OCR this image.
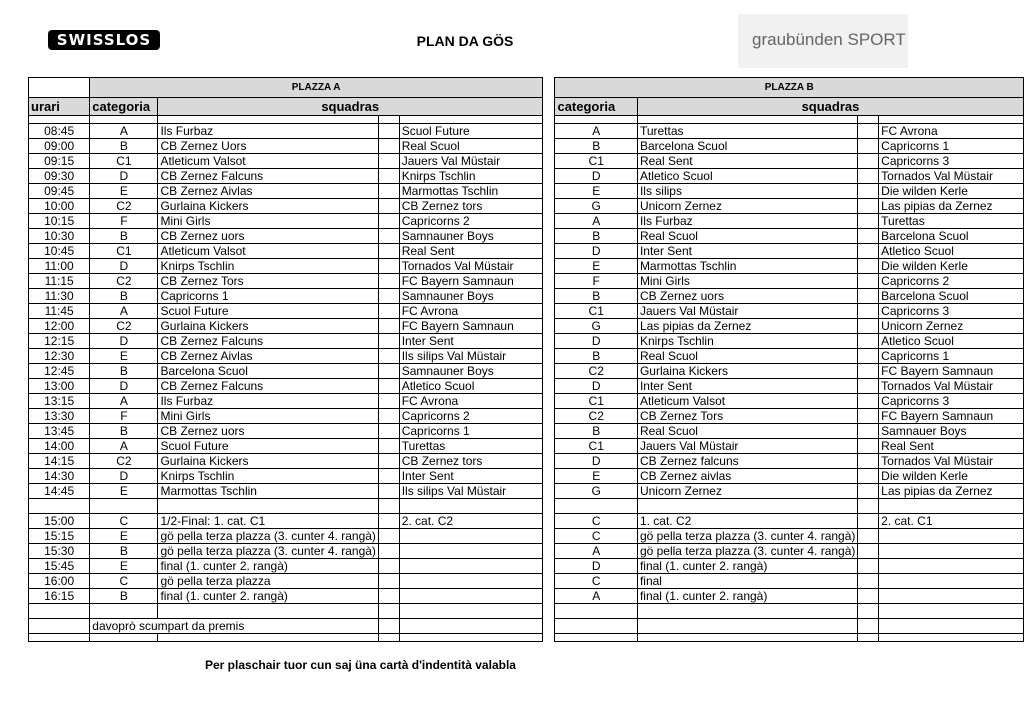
SWISSLOS	PLAN DA GÖS	graubünden SPORT
	PLAZZA A					PLAZZA B			
urari	categoria	squadras				categoria	squadras		

08:45	A	Ils Furbaz		Scuol Future		A	Turettas		FC Avrona
09:00	B	CB Zernez Uors		Real Scuol		B	Barcelona Scuol		Capricorns 1
09:15	C1	Atleticum Valsot		Jauers Val Müstair		C1	Real Sent		Capricorns 3
09:30	D	CB Zernez Falcuns		Knirps Tschlin		D	Atletico Scuol		Tornados Val Müstair
09:45	E	CB Zernez Aivlas		Marmottas Tschlin		E	Ils silips		Die wilden Kerle
10:00	C2	Gurlaina Kickers		CB Zernez tors		G	Unicorn Zernez		Las pipias da Zernez
10:15	F	Mini Girls		Capricorns 2		A	Ils Furbaz		Turettas
10:30	B	CB Zernez uors		Samnauner Boys		B	Real Scuol		Barcelona Scuol
10:45	C1	Atleticum Valsot		Real Sent		D	Inter Sent		Atletico Scuol
11:00	D	Knirps Tschlin		Tornados Val Müstair		E	Marmottas Tschlin		Die wilden Kerle
11:15	C2	CB Zernez Tors		FC Bayern Samnaun		F	Mini Girls		Capricorns 2
11:30	B	Capricorns 1		Samnauner Boys		B	CB Zernez uors		Barcelona Scuol
11:45	A	Scuol Future		FC Avrona		C1	Jauers Val Müstair		Capricorns 3
12:00	C2	Gurlaina Kickers		FC Bayern Samnaun		G	Las pipias da Zernez		Unicorn Zernez
12:15	D	CB Zernez Falcuns		Inter Sent		D	Knirps Tschlin		Atletico Scuol
12:30	E	CB Zernez Aivlas		Ils silips Val Müstair		B	Real Scuol		Capricorns 1
12:45	B	Barcelona Scuol		Samnauner Boys		C2	Gurlaina Kickers		FC Bayern Samnaun
13:00	D	CB Zernez Falcuns		Atletico Scuol		D	Inter Sent		Tornados Val Müstair
13:15	A	Ils Furbaz		FC Avrona		C1	Atleticum Valsot		Capricorns 3
13:30	F	Mini Girls		Capricorns 2		C2	CB Zernez Tors		FC Bayern Samnaun
13:45	B	CB Zernez uors		Capricorns 1		B	Real Scuol		Samnauer Boys
14:00	A	Scuol Future		Turettas		C1	Jauers Val Müstair		Real Sent
14:15	C2	Gurlaina Kickers		CB Zernez tors		D	CB Zernez falcuns		Tornados Val Müstair
14:30	D	Knirps Tschlin		Inter Sent		E	CB Zernez aivlas		Die wilden Kerle
14:45	E	Marmottas Tschlin		Ils silips Val Müstair		G	Unicorn Zernez		Las pipias da Zernez

15:00	C	1/2-Final: 1. cat. C1		2. cat. C2		C	1. cat. C2		2. cat. C1
15:15	E	gö pella terza plazza (3. cunter 4. rangà)				C	gö pella terza plazza (3. cunter 4. rangà)		
15:30	B	gö pella terza plazza (3. cunter 4. rangà)				A	gö pella terza plazza (3. cunter 4. rangà)		
15:45	E	final (1. cunter 2. rangà)				D	final (1. cunter 2. rangà)		
16:00	C	gö pella terza plazza				C	final		
16:15	B	final (1. cunter 2. rangà)				A	final (1. cunter 2. rangà)		

	davoprò scumpart da premis								

Per plaschair tuor cun saj üna cartà d'indentità valabla
